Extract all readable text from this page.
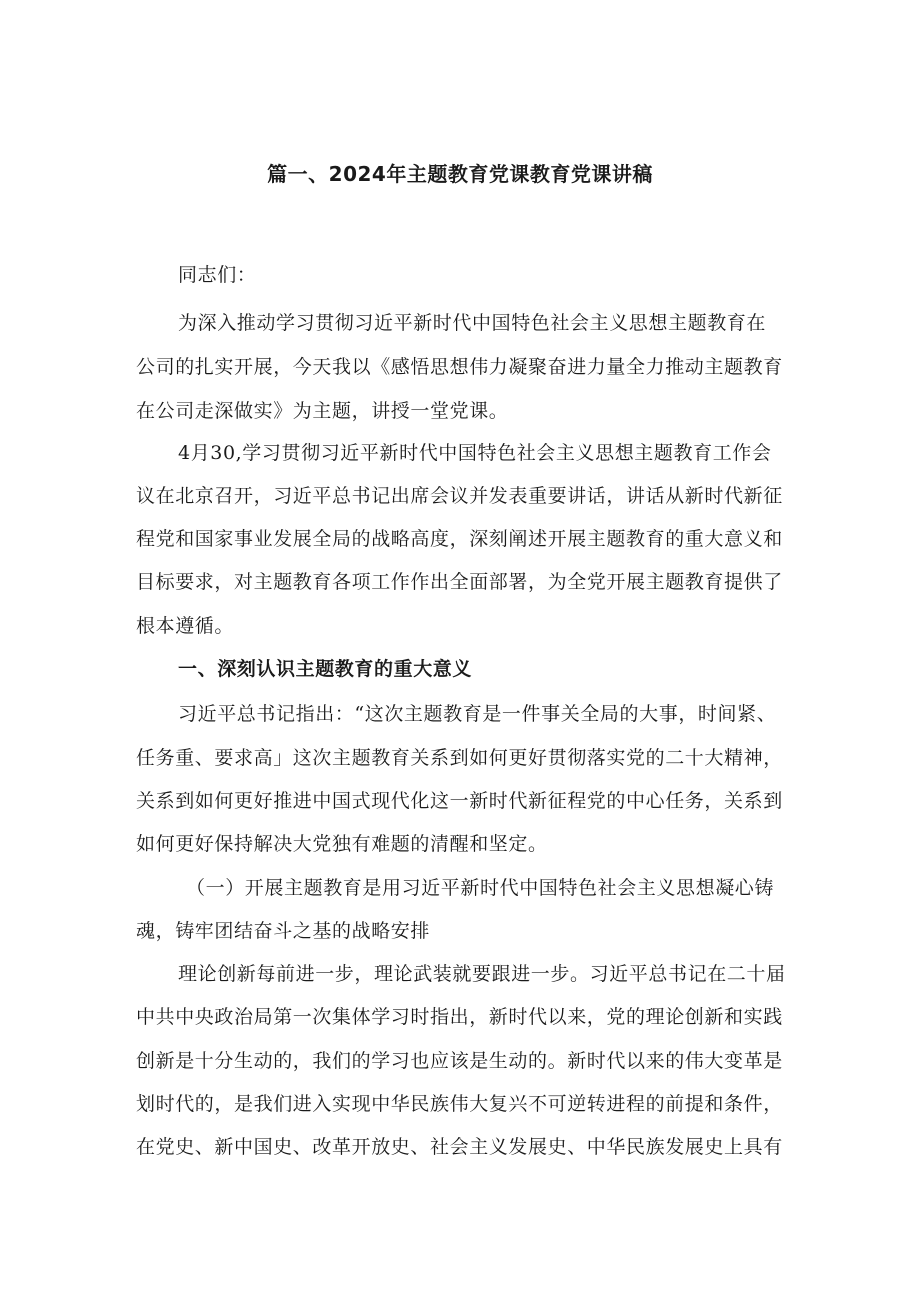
篇一、2024年主题教育党课教育党课讲稿
同志们：
为深入推动学习贯彻习近平新时代中国特色社会主义思想主题教育在
公司的扎实开展，今天我以《感悟思想伟力凝聚奋进力量全力推动主题教育
在公司走深做实》为主题，讲授一堂党课。
4月30,学习贯彻习近平新时代中国特色社会主义思想主题教育工作会
议在北京召开，习近平总书记出席会议并发表重要讲话，讲话从新时代新征
程党和国家事业发展全局的战略高度，深刻阐述开展主题教育的重大意义和
目标要求，对主题教育各项工作作出全面部署，为全党开展主题教育提供了
根本遵循。
一、深刻认识主题教育的重大意义
习近平总书记指出：“这次主题教育是一件事关全局的大事，时间紧、
任务重、要求高」这次主题教育关系到如何更好贯彻落实党的二十大精神，
关系到如何更好推进中国式现代化这一新时代新征程党的中心任务，关系到
如何更好保持解决大党独有难题的清醒和坚定。
（一）开展主题教育是用习近平新时代中国特色社会主义思想凝心铸
魂，铸牢团结奋斗之基的战略安排
理论创新每前进一步，理论武装就要跟进一步。习近平总书记在二十届
中共中央政治局第一次集体学习时指出，新时代以来，党的理论创新和实践
创新是十分生动的，我们的学习也应该是生动的。新时代以来的伟大变革是
划时代的，是我们进入实现中华民族伟大复兴不可逆转进程的前提和条件，
在党史、新中国史、改革开放史、社会主义发展史、中华民族发展史上具有
